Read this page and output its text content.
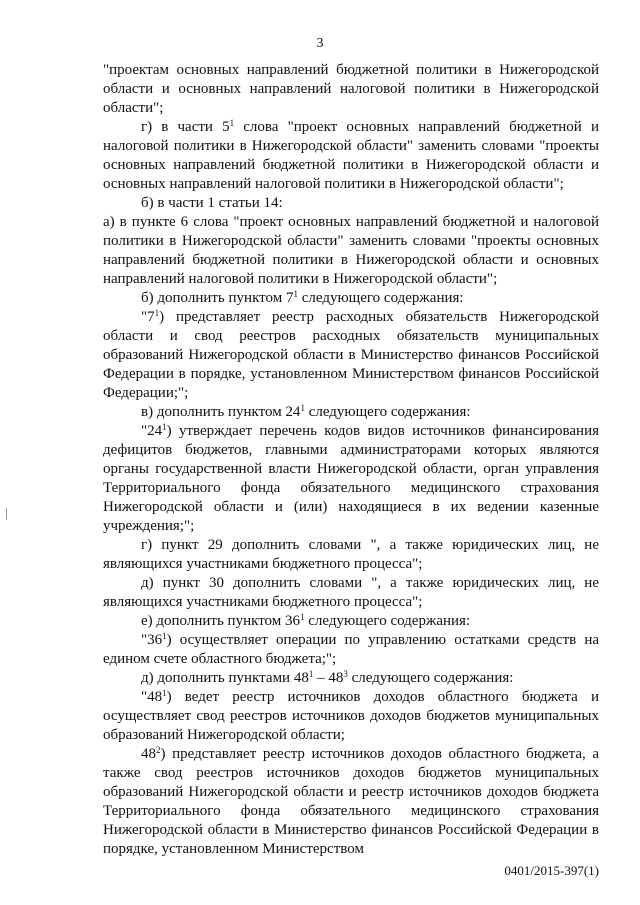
3

"проектам основных направлений бюджетной политики в Нижегородской области и основных направлений налоговой политики в Нижегородской области";

г) в части $5^1$ слова "проект основных направлений бюджетной и налоговой политики в Нижегородской области" заменить словами "проекты основных направлений бюджетной политики в Нижегородской области и основных направлений налоговой политики в Нижегородской области";

б) в части 1 статьи 14:

а) в пункте 6 слова "проект основных направлений бюджетной и налоговой политики в Нижегородской области" заменить словами "проекты основных направлений бюджетной политики в Нижегородской области и основных направлений налоговой политики в Нижегородской области";

б) дополнить пунктом $7^1$ следующего содержания:

"$7^1$) представляет реестр расходных обязательств Нижегородской области и свод реестров расходных обязательств муниципальных образований Нижегородской области в Министерство финансов Российской Федерации в порядке, установленном Министерством финансов Российской Федерации;";

в) дополнить пунктом $24^1$ следующего содержания:

"$24^1$) утверждает перечень кодов видов источников финансирования дефицитов бюджетов, главными администраторами которых являются органы государственной власти Нижегородской области, орган управления Территориального фонда обязательного медицинского страхования Нижегородской области и (или) находящиеся в их ведении казенные учреждения;";

г) пункт 29 дополнить словами ", а также юридических лиц, не являющихся участниками бюджетного процесса";

д) пункт 30 дополнить словами ", а также юридических лиц, не являющихся участниками бюджетного процесса";

е) дополнить пунктом $36^1$ следующего содержания:

"$36^1$) осуществляет операции по управлению остатками средств на едином счете областного бюджета;";

д) дополнить пунктами $48^1 - 48^3$ следующего содержания:

"$48^1$) ведет реестр источников доходов областного бюджета и осуществляет свод реестров источников доходов бюджетов муниципальных образований Нижегородской области;

$48^2$) представляет реестр источников доходов областного бюджета, а также свод реестров источников доходов бюджетов муниципальных образований Нижегородской области и реестр источников доходов бюджета Территориального фонда обязательного медицинского страхования Нижегородской области в Министерство финансов Российской Федерации в порядке, установленном Министерством

0401/2015-397(1)
